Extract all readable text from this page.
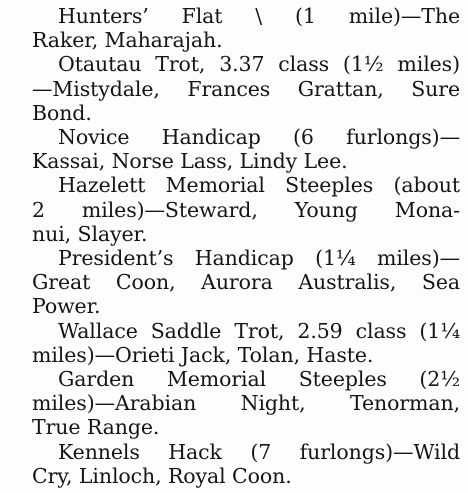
Hunters’ Flat \ (1 mile)—The
Raker, Maharajah.

Otautau Trot, 3.37 class (1½ miles)
—Mistydale, Frances Grattan, Sure
Bond.

Novice Handicap (6 furlongs)—
Kassai, Norse Lass, Lindy Lee.

Hazelett Memorial Steeples (about
2 miles)—Steward, Young Mona-
nui, Slayer.

President’s Handicap (1¼ miles)—
Great Coon, Aurora Australis, Sea
Power.

Wallace Saddle Trot, 2.59 class (1¼
miles)—Orieti Jack, Tolan, Haste.

Garden Memorial Steeples (2½
miles)—Arabian Night, Tenorman,
True Range.

Kennels Hack (7 furlongs)—Wild
Cry, Linloch, Royal Coon.
